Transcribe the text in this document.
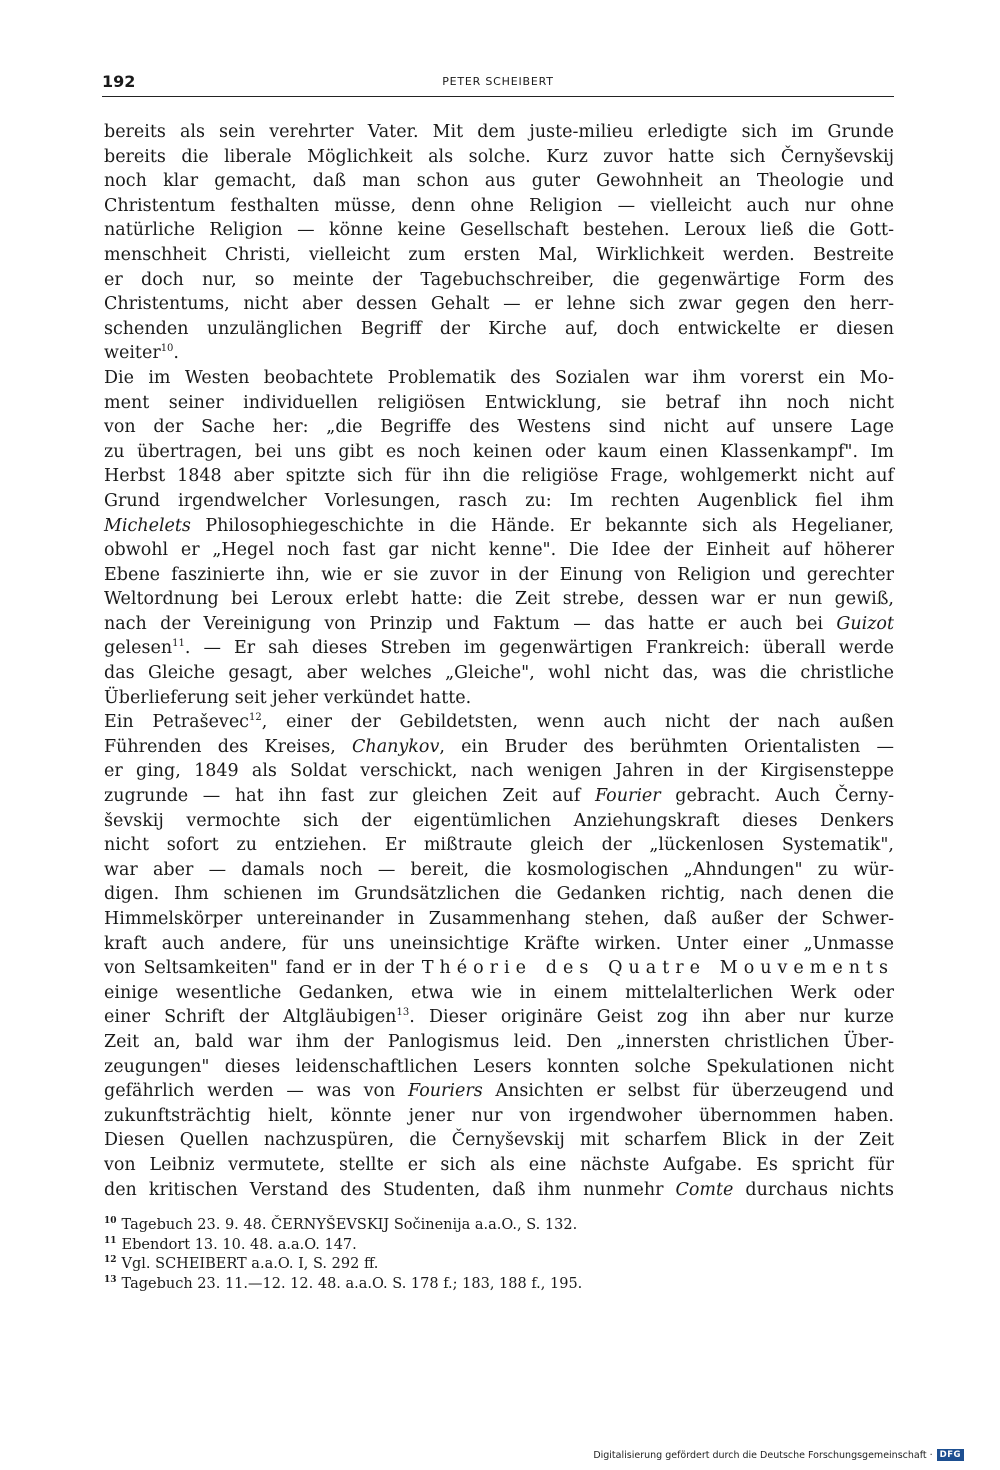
192	PETER SCHEIBERT

bereits als sein verehrter Vater. Mit dem juste-milieu erledigte sich im Grunde
bereits die liberale Möglichkeit als solche. Kurz zuvor hatte sich Černyševskij
noch klar gemacht, daß man schon aus guter Gewohnheit an Theologie und
Christentum festhalten müsse, denn ohne Religion — vielleicht auch nur ohne
natürliche Religion — könne keine Gesellschaft bestehen. Leroux ließ die Gott-
menschheit Christi, vielleicht zum ersten Mal, Wirklichkeit werden. Bestreite
er doch nur, so meinte der Tagebuchschreiber, die gegenwärtige Form des
Christentums, nicht aber dessen Gehalt — er lehne sich zwar gegen den herr-
schenden unzulänglichen Begriff der Kirche auf, doch entwickelte er diesen
weiter$^{10}$.

Die im Westen beobachtete Problematik des Sozialen war ihm vorerst ein Mo-
ment seiner individuellen religiösen Entwicklung, sie betraf ihn noch nicht
von der Sache her: „die Begriffe des Westens sind nicht auf unsere Lage
zu übertragen, bei uns gibt es noch keinen oder kaum einen Klassenkampf". Im
Herbst 1848 aber spitzte sich für ihn die religiöse Frage, wohlgemerkt nicht auf
Grund irgendwelcher Vorlesungen, rasch zu: Im rechten Augenblick fiel ihm
Michelets Philosophiegeschichte in die Hände. Er bekannte sich als Hegelianer,
obwohl er „Hegel noch fast gar nicht kenne". Die Idee der Einheit auf höherer
Ebene faszinierte ihn, wie er sie zuvor in der Einung von Religion und gerechter
Weltordnung bei Leroux erlebt hatte: die Zeit strebe, dessen war er nun gewiß,
nach der Vereinigung von Prinzip und Faktum — das hatte er auch bei Guizot
gelesen$^{11}$. — Er sah dieses Streben im gegenwärtigen Frankreich: überall werde
das Gleiche gesagt, aber welches „Gleiche", wohl nicht das, was die christliche
Überlieferung seit jeher verkündet hatte.

Ein Petraševec$^{12}$, einer der Gebildetsten, wenn auch nicht der nach außen
Führenden des Kreises, Chanykov, ein Bruder des berühmten Orientalisten —
er ging, 1849 als Soldat verschickt, nach wenigen Jahren in der Kirgisensteppe
zugrunde — hat ihn fast zur gleichen Zeit auf Fourier gebracht. Auch Černy-
ševskij vermochte sich der eigentümlichen Anziehungskraft dieses Denkers
nicht sofort zu entziehen. Er mißtraute gleich der „lückenlosen Systematik",
war aber — damals noch — bereit, die kosmologischen „Ahndungen" zu wür-
digen. Ihm schienen im Grundsätzlichen die Gedanken richtig, nach denen die
Himmelskörper untereinander in Zusammenhang stehen, daß außer der Schwer-
kraft auch andere, für uns uneinsichtige Kräfte wirken. Unter einer „Unmasse
von Seltsamkeiten" fand er in der Théorie des Quatre Mouvements
einige wesentliche Gedanken, etwa wie in einem mittelalterlichen Werk oder
einer Schrift der Altgläubigen$^{13}$. Dieser originäre Geist zog ihn aber nur kurze
Zeit an, bald war ihm der Panlogismus leid. Den „innersten christlichen Über-
zeugungen" dieses leidenschaftlichen Lesers konnten solche Spekulationen nicht
gefährlich werden — was von Fouriers Ansichten er selbst für überzeugend und
zukunftsträchtig hielt, könnte jener nur von irgendwoher übernommen haben.
Diesen Quellen nachzuspüren, die Černyševskij mit scharfem Blick in der Zeit
von Leibniz vermutete, stellte er sich als eine nächste Aufgabe. Es spricht für
den kritischen Verstand des Studenten, daß ihm nunmehr Comte durchaus nichts

$^{10}$ Tagebuch 23. 9. 48. ČERNYŠEVSKIJ Sočinenija a.a.O., S. 132.
$^{11}$ Ebendort 13. 10. 48. a.a.O. 147.
$^{12}$ Vgl. SCHEIBERT a.a.O. I, S. 292 ff.
$^{13}$ Tagebuch 23. 11.—12. 12. 48. a.a.O. S. 178 f.; 183, 188 f., 195.
Digitalisierung gefördert durch die Deutsche Forschungsgemeinschaft · DFG
